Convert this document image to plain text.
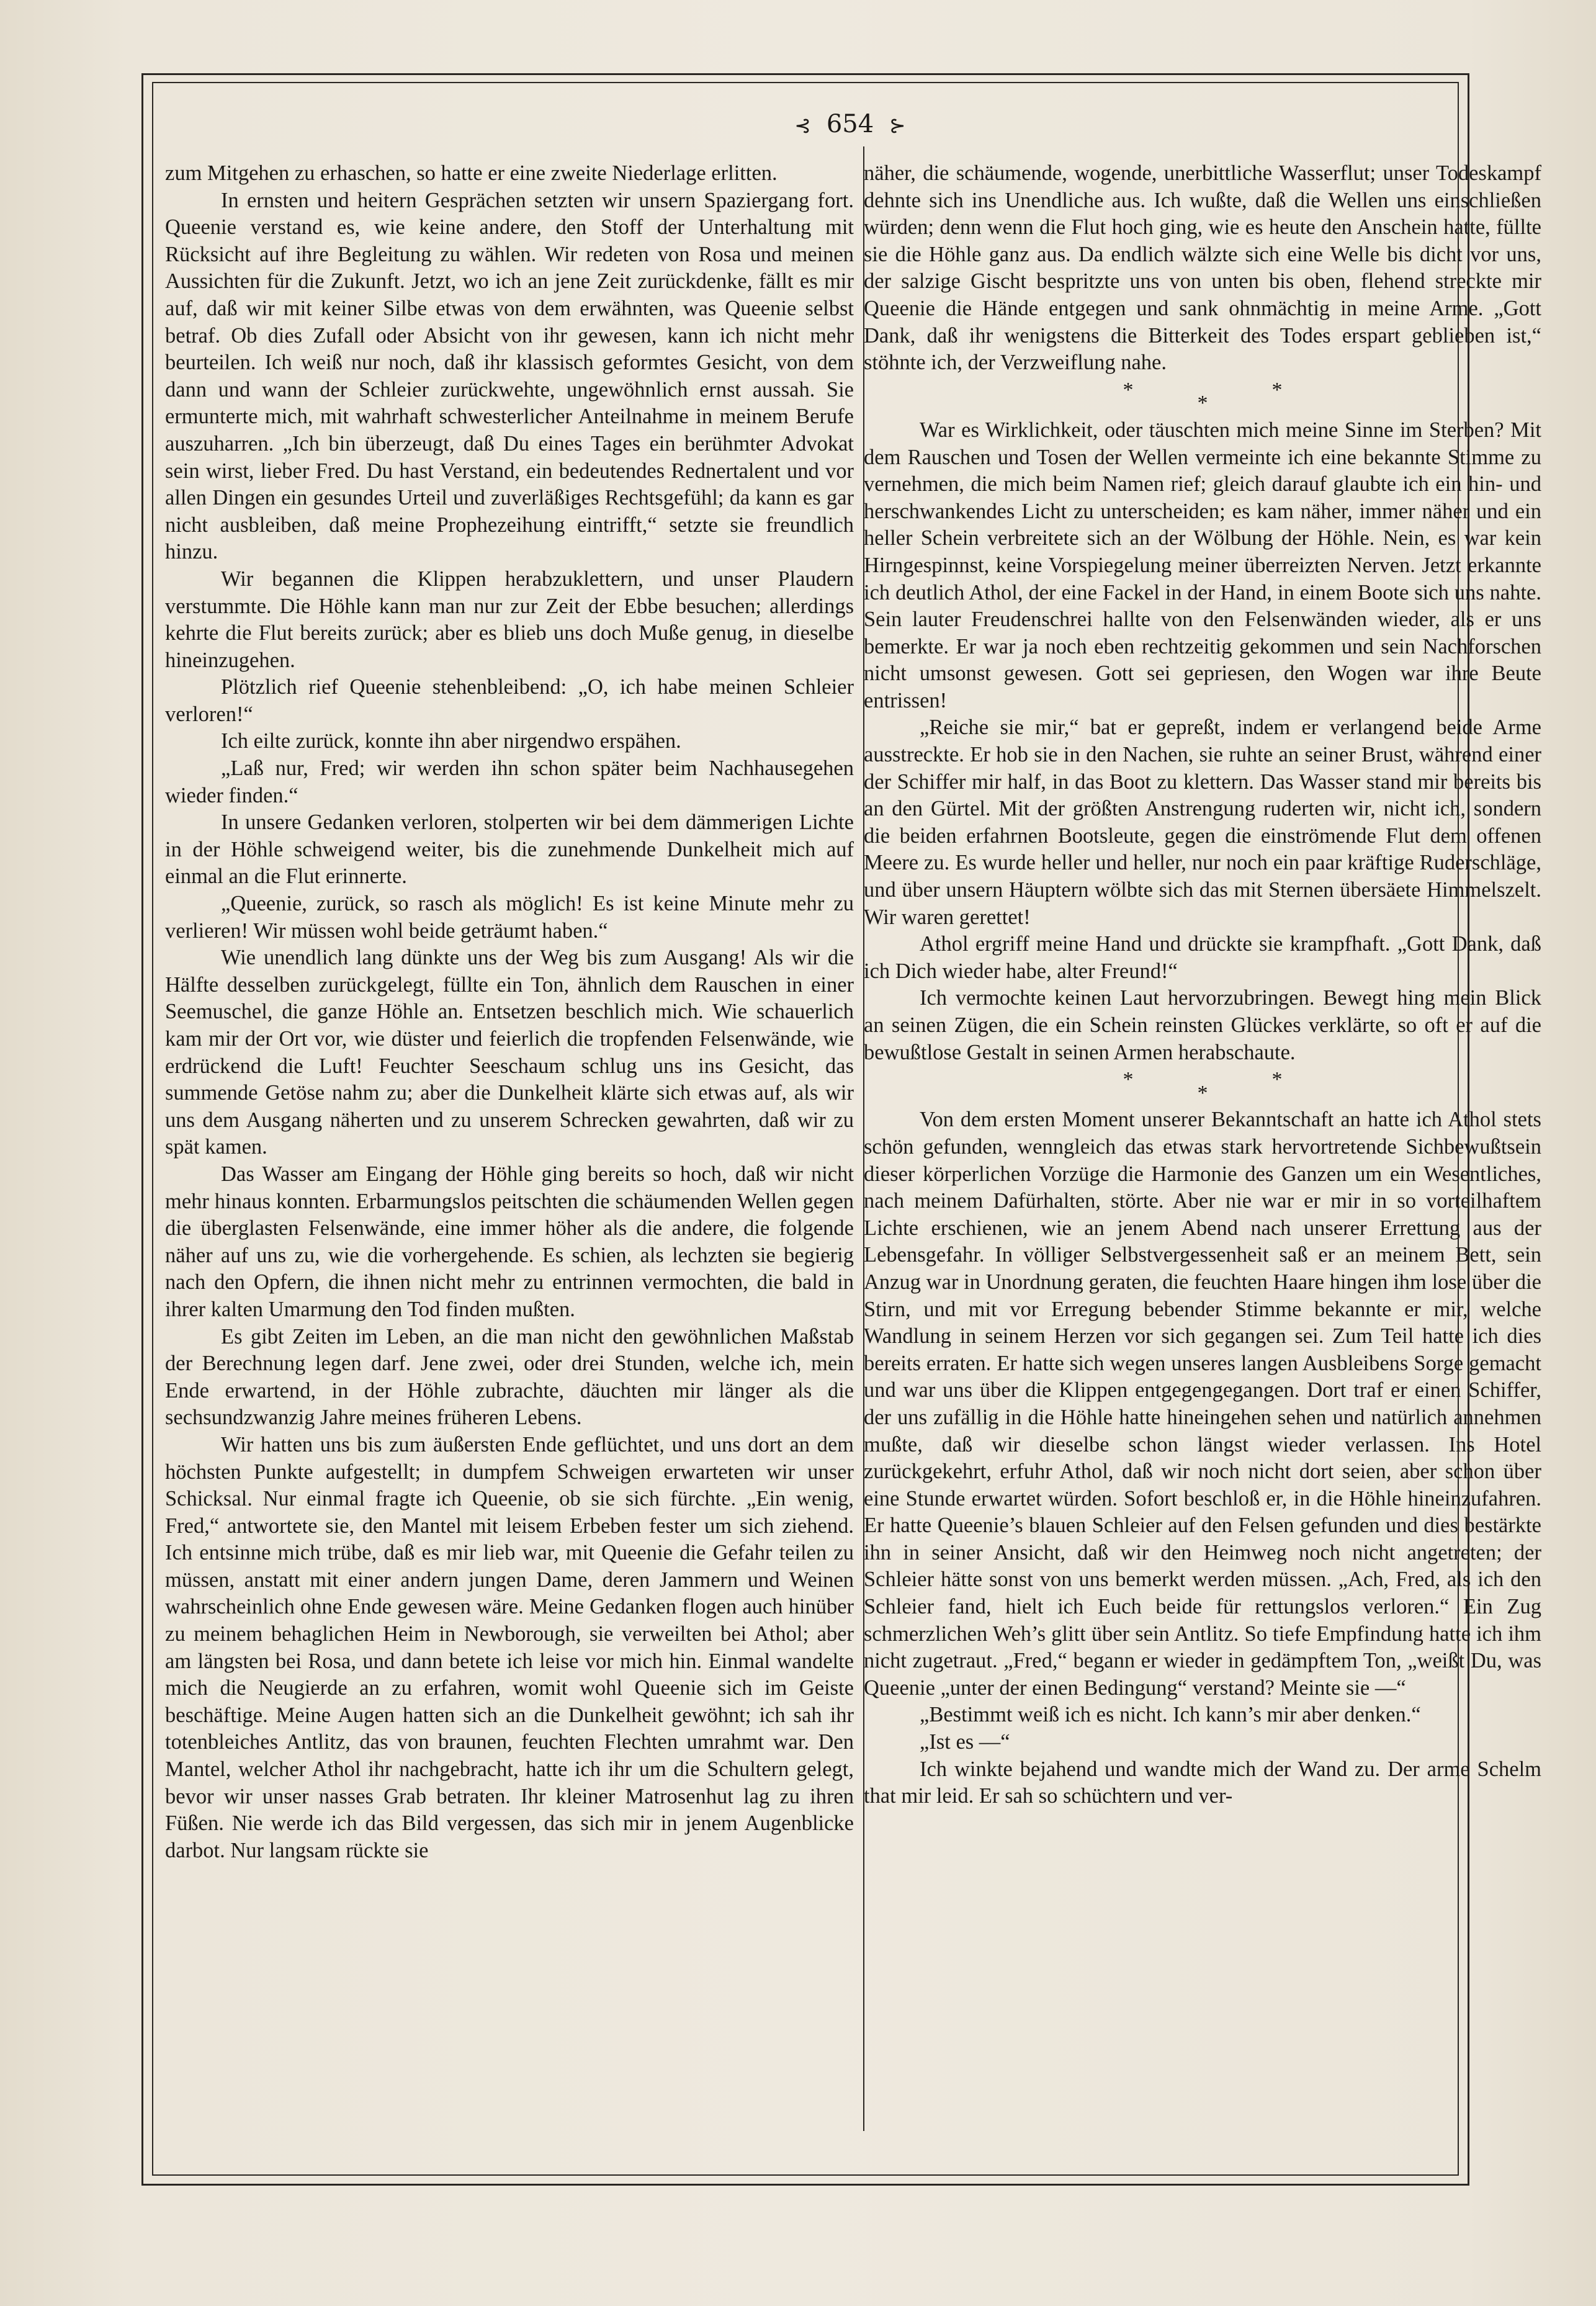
⊰ 654 ⊱

zum Mitgehen zu erhaschen, so hatte er eine zweite Niederlage erlitten.

In ernsten und heitern Gesprächen setzten wir unsern Spaziergang fort. Queenie verstand es, wie keine andere, den Stoff der Unterhaltung mit Rücksicht auf ihre Begleitung zu wählen. Wir redeten von Rosa und meinen Aussichten für die Zukunft. Jetzt, wo ich an jene Zeit zurückdenke, fällt es mir auf, daß wir mit keiner Silbe etwas von dem erwähnten, was Queenie selbst betraf. Ob dies Zufall oder Absicht von ihr gewesen, kann ich nicht mehr beurteilen. Ich weiß nur noch, daß ihr klassisch geformtes Gesicht, von dem dann und wann der Schleier zurückwehte, ungewöhnlich ernst aussah. Sie ermunterte mich, mit wahrhaft schwesterlicher Anteilnahme in meinem Berufe auszuharren. „Ich bin überzeugt, daß Du eines Tages ein berühmter Advokat sein wirst, lieber Fred. Du hast Verstand, ein bedeutendes Rednertalent und vor allen Dingen ein gesundes Urteil und zuverläßiges Rechtsgefühl; da kann es gar nicht ausbleiben, daß meine Prophezeihung eintrifft,“ setzte sie freundlich hinzu.

Wir begannen die Klippen herabzuklettern, und unser Plaudern verstummte. Die Höhle kann man nur zur Zeit der Ebbe besuchen; allerdings kehrte die Flut bereits zurück; aber es blieb uns doch Muße genug, in dieselbe hineinzugehen.

Plötzlich rief Queenie stehenbleibend: „O, ich habe meinen Schleier verloren!“

Ich eilte zurück, konnte ihn aber nirgendwo erspähen.

„Laß nur, Fred; wir werden ihn schon später beim Nachhausegehen wieder finden.“

In unsere Gedanken verloren, stolperten wir bei dem dämmerigen Lichte in der Höhle schweigend weiter, bis die zunehmende Dunkelheit mich auf einmal an die Flut erinnerte.

„Queenie, zurück, so rasch als möglich! Es ist keine Minute mehr zu verlieren! Wir müssen wohl beide geträumt haben.“

Wie unendlich lang dünkte uns der Weg bis zum Ausgang! Als wir die Hälfte desselben zurückgelegt, füllte ein Ton, ähnlich dem Rauschen in einer Seemuschel, die ganze Höhle an. Entsetzen beschlich mich. Wie schauerlich kam mir der Ort vor, wie düster und feierlich die tropfenden Felsenwände, wie erdrückend die Luft! Feuchter Seeschaum schlug uns ins Gesicht, das summende Getöse nahm zu; aber die Dunkelheit klärte sich etwas auf, als wir uns dem Ausgang näherten und zu unserem Schrecken gewahrten, daß wir zu spät kamen.

Das Wasser am Eingang der Höhle ging bereits so hoch, daß wir nicht mehr hinaus konnten. Erbarmungslos peitschten die schäumenden Wellen gegen die überglasten Felsenwände, eine immer höher als die andere, die folgende näher auf uns zu, wie die vorhergehende. Es schien, als lechzten sie begierig nach den Opfern, die ihnen nicht mehr zu entrinnen vermochten, die bald in ihrer kalten Umarmung den Tod finden mußten.

Es gibt Zeiten im Leben, an die man nicht den gewöhnlichen Maßstab der Berechnung legen darf. Jene zwei, oder drei Stunden, welche ich, mein Ende erwartend, in der Höhle zubrachte, däuchten mir länger als die sechsundzwanzig Jahre meines früheren Lebens.

Wir hatten uns bis zum äußersten Ende geflüchtet, und uns dort an dem höchsten Punkte aufgestellt; in dumpfem Schweigen erwarteten wir unser Schicksal. Nur einmal fragte ich Queenie, ob sie sich fürchte. „Ein wenig, Fred,“ antwortete sie, den Mantel mit leisem Erbeben fester um sich ziehend. Ich entsinne mich trübe, daß es mir lieb war, mit Queenie die Gefahr teilen zu müssen, anstatt mit einer andern jungen Dame, deren Jammern und Weinen wahrscheinlich ohne Ende gewesen wäre. Meine Gedanken flogen auch hinüber zu meinem behaglichen Heim in Newborough, sie verweilten bei Athol; aber am längsten bei Rosa, und dann betete ich leise vor mich hin. Einmal wandelte mich die Neugierde an zu erfahren, womit wohl Queenie sich im Geiste beschäftige. Meine Augen hatten sich an die Dunkelheit gewöhnt; ich sah ihr totenbleiches Antlitz, das von braunen, feuchten Flechten umrahmt war. Den Mantel, welcher Athol ihr nachgebracht, hatte ich ihr um die Schultern gelegt, bevor wir unser nasses Grab betraten. Ihr kleiner Matrosenhut lag zu ihren Füßen. Nie werde ich das Bild vergessen, das sich mir in jenem Augenblicke darbot. Nur langsam rückte sie

näher, die schäumende, wogende, unerbittliche Wasserflut; unser Todeskampf dehnte sich ins Unendliche aus. Ich wußte, daß die Wellen uns einschließen würden; denn wenn die Flut hoch ging, wie es heute den Anschein hatte, füllte sie die Höhle ganz aus. Da endlich wälzte sich eine Welle bis dicht vor uns, der salzige Gischt bespritzte uns von unten bis oben, flehend streckte mir Queenie die Hände entgegen und sank ohnmächtig in meine Arme. „Gott Dank, daß ihr wenigstens die Bitterkeit des Todes erspart geblieben ist,“ stöhnte ich, der Verzweiflung nahe.

*	*
*

War es Wirklichkeit, oder täuschten mich meine Sinne im Sterben? Mit dem Rauschen und Tosen der Wellen vermeinte ich eine bekannte Stimme zu vernehmen, die mich beim Namen rief; gleich darauf glaubte ich ein hin- und herschwankendes Licht zu unterscheiden; es kam näher, immer näher und ein heller Schein verbreitete sich an der Wölbung der Höhle. Nein, es war kein Hirngespinnst, keine Vorspiegelung meiner überreizten Nerven. Jetzt erkannte ich deutlich Athol, der eine Fackel in der Hand, in einem Boote sich uns nahte. Sein lauter Freudenschrei hallte von den Felsenwänden wieder, als er uns bemerkte. Er war ja noch eben rechtzeitig gekommen und sein Nachforschen nicht umsonst gewesen. Gott sei gepriesen, den Wogen war ihre Beute entrissen!

„Reiche sie mir,“ bat er gepreßt, indem er verlangend beide Arme ausstreckte. Er hob sie in den Nachen, sie ruhte an seiner Brust, während einer der Schiffer mir half, in das Boot zu klettern. Das Wasser stand mir bereits bis an den Gürtel. Mit der größten Anstrengung ruderten wir, nicht ich, sondern die beiden erfahrnen Bootsleute, gegen die einströmende Flut dem offenen Meere zu. Es wurde heller und heller, nur noch ein paar kräftige Ruderschläge, und über unsern Häuptern wölbte sich das mit Sternen übersäete Himmelszelt. Wir waren gerettet!

Athol ergriff meine Hand und drückte sie krampfhaft. „Gott Dank, daß ich Dich wieder habe, alter Freund!“

Ich vermochte keinen Laut hervorzubringen. Bewegt hing mein Blick an seinen Zügen, die ein Schein reinsten Glückes verklärte, so oft er auf die bewußtlose Gestalt in seinen Armen herabschaute.

*	*
*

Von dem ersten Moment unserer Bekanntschaft an hatte ich Athol stets schön gefunden, wenngleich das etwas stark hervortretende Sichbewußtsein dieser körperlichen Vorzüge die Harmonie des Ganzen um ein Wesentliches, nach meinem Dafürhalten, störte. Aber nie war er mir in so vorteilhaftem Lichte erschienen, wie an jenem Abend nach unserer Errettung aus der Lebensgefahr. In völliger Selbstvergessenheit saß er an meinem Bett, sein Anzug war in Unordnung geraten, die feuchten Haare hingen ihm lose über die Stirn, und mit vor Erregung bebender Stimme bekannte er mir, welche Wandlung in seinem Herzen vor sich gegangen sei. Zum Teil hatte ich dies bereits erraten. Er hatte sich wegen unseres langen Ausbleibens Sorge gemacht und war uns über die Klippen entgegengegangen. Dort traf er einen Schiffer, der uns zufällig in die Höhle hatte hineingehen sehen und natürlich annehmen mußte, daß wir dieselbe schon längst wieder verlassen. Ins Hotel zurückgekehrt, erfuhr Athol, daß wir noch nicht dort seien, aber schon über eine Stunde erwartet würden. Sofort beschloß er, in die Höhle hineinzufahren. Er hatte Queenie’s blauen Schleier auf den Felsen gefunden und dies bestärkte ihn in seiner Ansicht, daß wir den Heimweg noch nicht angetreten; der Schleier hätte sonst von uns bemerkt werden müssen. „Ach, Fred, als ich den Schleier fand, hielt ich Euch beide für rettungslos verloren.“ Ein Zug schmerzlichen Weh’s glitt über sein Antlitz. So tiefe Empfindung hatte ich ihm nicht zugetraut. „Fred,“ begann er wieder in gedämpftem Ton, „weißt Du, was Queenie „unter der einen Bedingung“ verstand? Meinte sie —“

„Bestimmt weiß ich es nicht. Ich kann’s mir aber denken.“

„Ist es —“

Ich winkte bejahend und wandte mich der Wand zu. Der arme Schelm that mir leid. Er sah so schüchtern und ver-
